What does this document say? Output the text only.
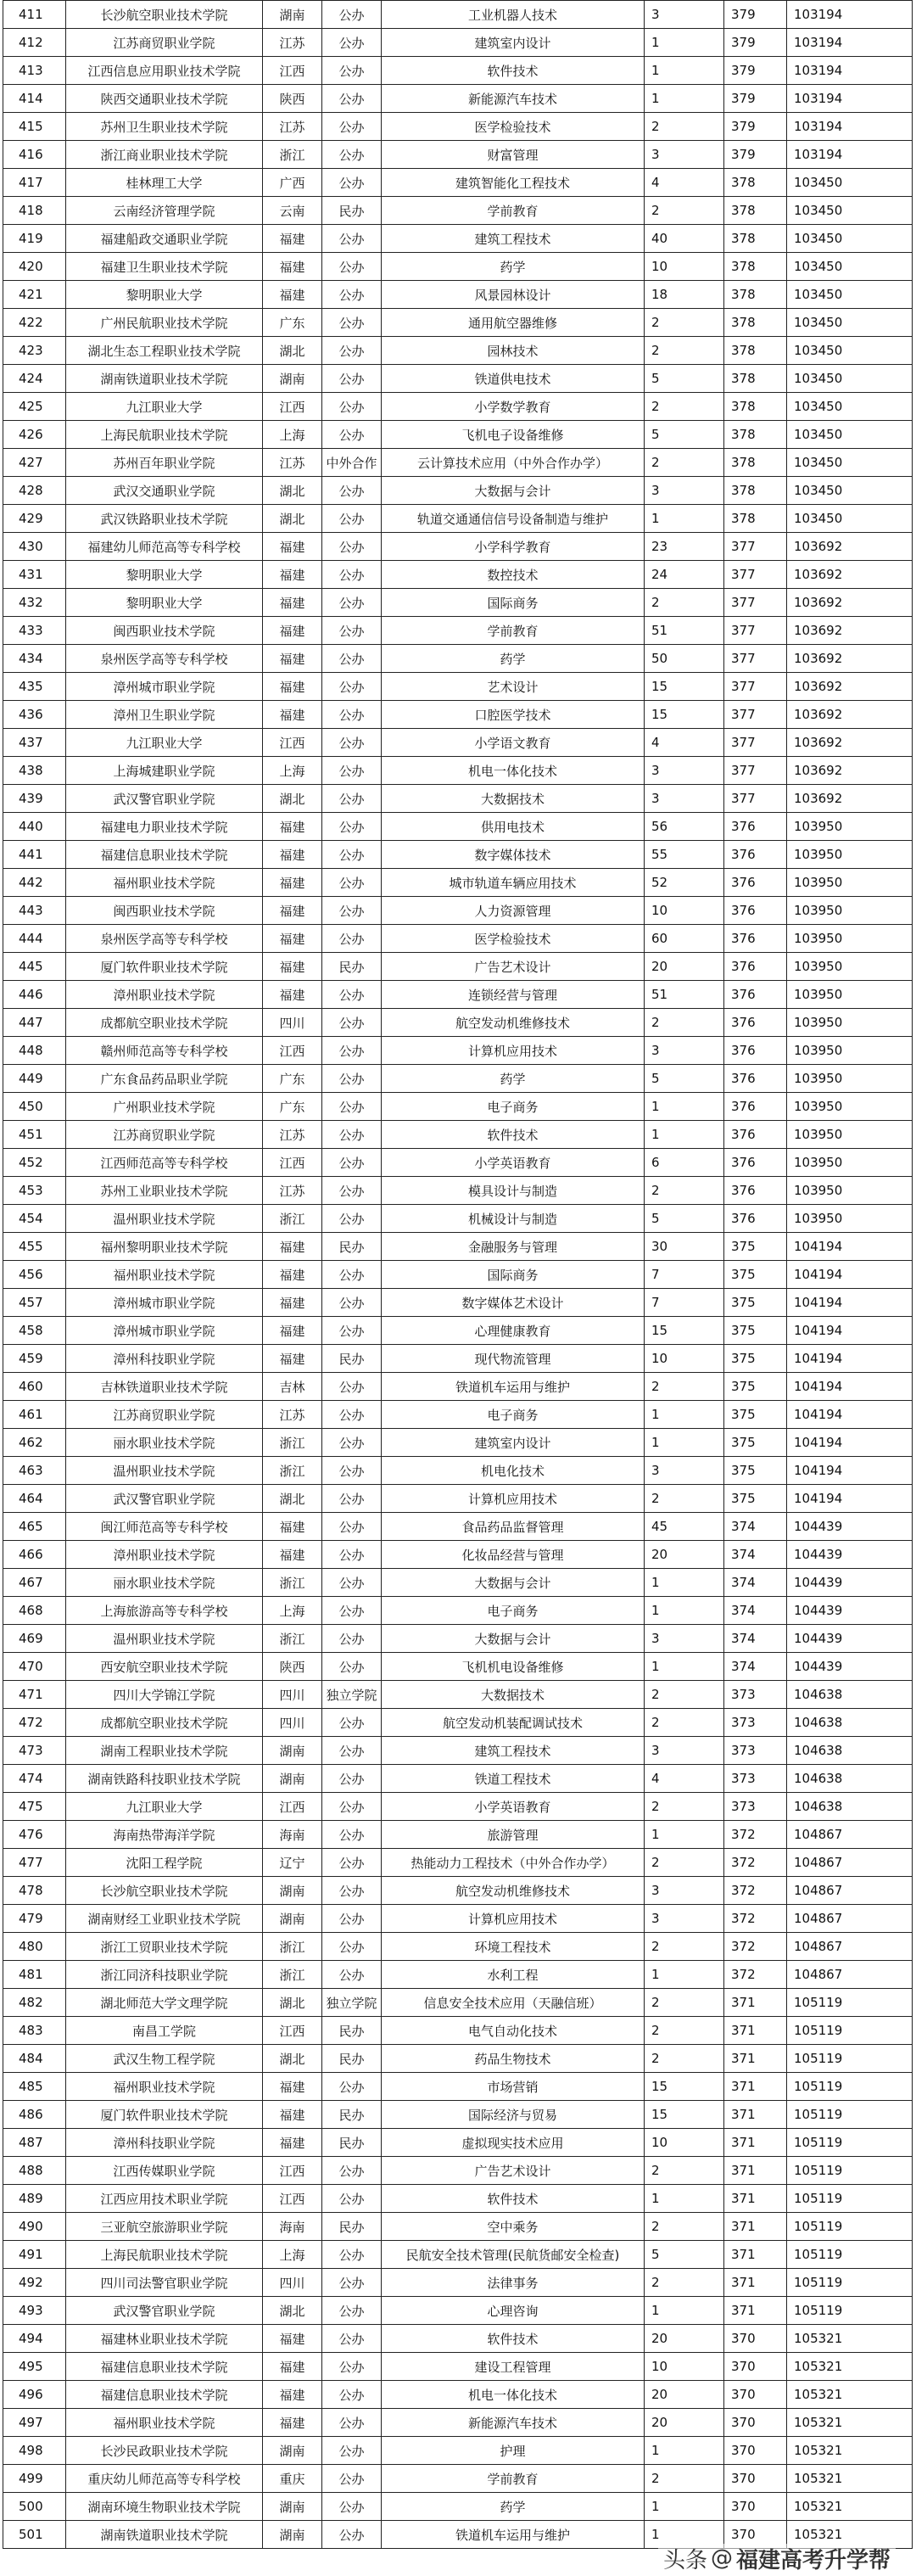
411	长沙航空职业技术学院	湖南	公办	工业机器人技术	3	379	103194
412	江苏商贸职业学院	江苏	公办	建筑室内设计	1	379	103194
413	江西信息应用职业技术学院	江西	公办	软件技术	1	379	103194
414	陕西交通职业技术学院	陕西	公办	新能源汽车技术	1	379	103194
415	苏州卫生职业技术学院	江苏	公办	医学检验技术	2	379	103194
416	浙江商业职业技术学院	浙江	公办	财富管理	3	379	103194
417	桂林理工大学	广西	公办	建筑智能化工程技术	4	378	103450
418	云南经济管理学院	云南	民办	学前教育	2	378	103450
419	福建船政交通职业学院	福建	公办	建筑工程技术	40	378	103450
420	福建卫生职业技术学院	福建	公办	药学	10	378	103450
421	黎明职业大学	福建	公办	风景园林设计	18	378	103450
422	广州民航职业技术学院	广东	公办	通用航空器维修	2	378	103450
423	湖北生态工程职业技术学院	湖北	公办	园林技术	2	378	103450
424	湖南铁道职业技术学院	湖南	公办	铁道供电技术	5	378	103450
425	九江职业大学	江西	公办	小学数学教育	2	378	103450
426	上海民航职业技术学院	上海	公办	飞机电子设备维修	5	378	103450
427	苏州百年职业学院	江苏	中外合作	云计算技术应用（中外合作办学）	2	378	103450
428	武汉交通职业学院	湖北	公办	大数据与会计	3	378	103450
429	武汉铁路职业技术学院	湖北	公办	轨道交通通信信号设备制造与维护	1	378	103450
430	福建幼儿师范高等专科学校	福建	公办	小学科学教育	23	377	103692
431	黎明职业大学	福建	公办	数控技术	24	377	103692
432	黎明职业大学	福建	公办	国际商务	2	377	103692
433	闽西职业技术学院	福建	公办	学前教育	51	377	103692
434	泉州医学高等专科学校	福建	公办	药学	50	377	103692
435	漳州城市职业学院	福建	公办	艺术设计	15	377	103692
436	漳州卫生职业学院	福建	公办	口腔医学技术	15	377	103692
437	九江职业大学	江西	公办	小学语文教育	4	377	103692
438	上海城建职业学院	上海	公办	机电一体化技术	3	377	103692
439	武汉警官职业学院	湖北	公办	大数据技术	3	377	103692
440	福建电力职业技术学院	福建	公办	供用电技术	56	376	103950
441	福建信息职业技术学院	福建	公办	数字媒体技术	55	376	103950
442	福州职业技术学院	福建	公办	城市轨道车辆应用技术	52	376	103950
443	闽西职业技术学院	福建	公办	人力资源管理	10	376	103950
444	泉州医学高等专科学校	福建	公办	医学检验技术	60	376	103950
445	厦门软件职业技术学院	福建	民办	广告艺术设计	20	376	103950
446	漳州职业技术学院	福建	公办	连锁经营与管理	51	376	103950
447	成都航空职业技术学院	四川	公办	航空发动机维修技术	2	376	103950
448	赣州师范高等专科学校	江西	公办	计算机应用技术	3	376	103950
449	广东食品药品职业学院	广东	公办	药学	5	376	103950
450	广州职业技术学院	广东	公办	电子商务	1	376	103950
451	江苏商贸职业学院	江苏	公办	软件技术	1	376	103950
452	江西师范高等专科学校	江西	公办	小学英语教育	6	376	103950
453	苏州工业职业技术学院	江苏	公办	模具设计与制造	2	376	103950
454	温州职业技术学院	浙江	公办	机械设计与制造	5	376	103950
455	福州黎明职业技术学院	福建	民办	金融服务与管理	30	375	104194
456	福州职业技术学院	福建	公办	国际商务	7	375	104194
457	漳州城市职业学院	福建	公办	数字媒体艺术设计	7	375	104194
458	漳州城市职业学院	福建	公办	心理健康教育	15	375	104194
459	漳州科技职业学院	福建	民办	现代物流管理	10	375	104194
460	吉林铁道职业技术学院	吉林	公办	铁道机车运用与维护	2	375	104194
461	江苏商贸职业学院	江苏	公办	电子商务	1	375	104194
462	丽水职业技术学院	浙江	公办	建筑室内设计	1	375	104194
463	温州职业技术学院	浙江	公办	机电化技术	3	375	104194
464	武汉警官职业学院	湖北	公办	计算机应用技术	2	375	104194
465	闽江师范高等专科学校	福建	公办	食品药品监督管理	45	374	104439
466	漳州职业技术学院	福建	公办	化妆品经营与管理	20	374	104439
467	丽水职业技术学院	浙江	公办	大数据与会计	1	374	104439
468	上海旅游高等专科学校	上海	公办	电子商务	1	374	104439
469	温州职业技术学院	浙江	公办	大数据与会计	3	374	104439
470	西安航空职业技术学院	陕西	公办	飞机机电设备维修	1	374	104439
471	四川大学锦江学院	四川	独立学院	大数据技术	2	373	104638
472	成都航空职业技术学院	四川	公办	航空发动机装配调试技术	2	373	104638
473	湖南工程职业技术学院	湖南	公办	建筑工程技术	3	373	104638
474	湖南铁路科技职业技术学院	湖南	公办	铁道工程技术	4	373	104638
475	九江职业大学	江西	公办	小学英语教育	2	373	104638
476	海南热带海洋学院	海南	公办	旅游管理	1	372	104867
477	沈阳工程学院	辽宁	公办	热能动力工程技术（中外合作办学）	2	372	104867
478	长沙航空职业技术学院	湖南	公办	航空发动机维修技术	3	372	104867
479	湖南财经工业职业技术学院	湖南	公办	计算机应用技术	3	372	104867
480	浙江工贸职业技术学院	浙江	公办	环境工程技术	2	372	104867
481	浙江同济科技职业学院	浙江	公办	水利工程	1	372	104867
482	湖北师范大学文理学院	湖北	独立学院	信息安全技术应用（天融信班）	2	371	105119
483	南昌工学院	江西	民办	电气自动化技术	2	371	105119
484	武汉生物工程学院	湖北	民办	药品生物技术	2	371	105119
485	福州职业技术学院	福建	公办	市场营销	15	371	105119
486	厦门软件职业技术学院	福建	民办	国际经济与贸易	15	371	105119
487	漳州科技职业学院	福建	民办	虚拟现实技术应用	10	371	105119
488	江西传媒职业学院	江西	公办	广告艺术设计	2	371	105119
489	江西应用技术职业学院	江西	公办	软件技术	1	371	105119
490	三亚航空旅游职业学院	海南	民办	空中乘务	2	371	105119
491	上海民航职业技术学院	上海	公办	民航安全技术管理(民航货邮安全检查)	5	371	105119
492	四川司法警官职业学院	四川	公办	法律事务	2	371	105119
493	武汉警官职业学院	湖北	公办	心理咨询	1	371	105119
494	福建林业职业技术学院	福建	公办	软件技术	20	370	105321
495	福建信息职业技术学院	福建	公办	建设工程管理	10	370	105321
496	福建信息职业技术学院	福建	公办	机电一体化技术	20	370	105321
497	福州职业技术学院	福建	公办	新能源汽车技术	20	370	105321
498	长沙民政职业技术学院	湖南	公办	护理	1	370	105321
499	重庆幼儿师范高等专科学校	重庆	公办	学前教育	2	370	105321
500	湖南环境生物职业技术学院	湖南	公办	药学	1	370	105321
501	湖南铁道职业技术学院	湖南	公办	铁道机车运用与维护	1	370	105321
头条 @ 福建高考升学帮
